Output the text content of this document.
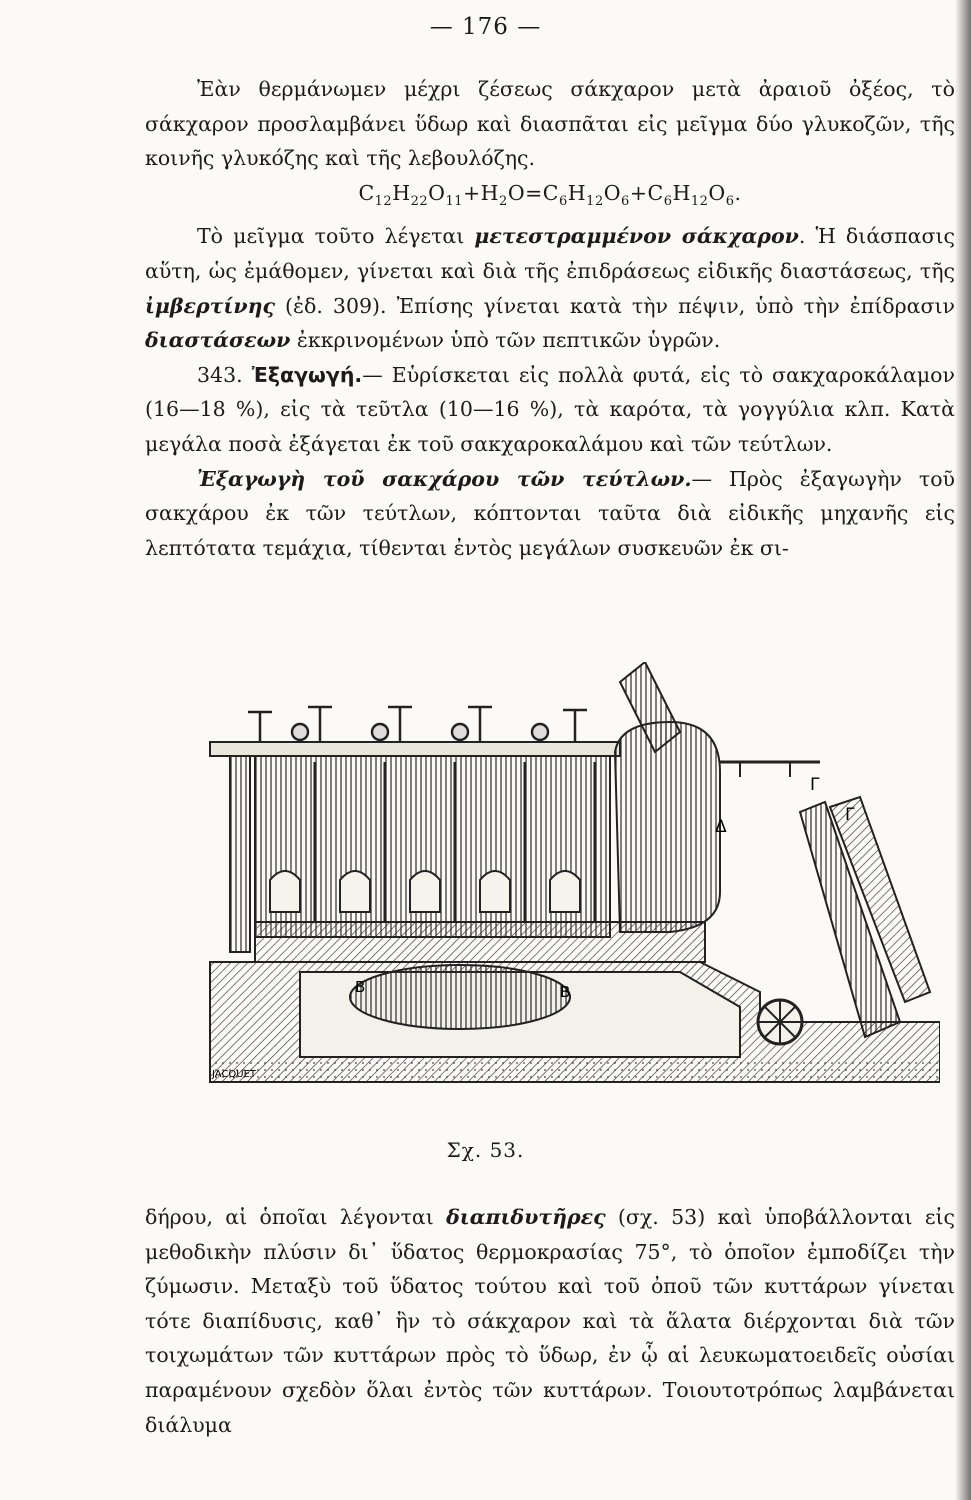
— 176 —

Ἐὰν θερμάνωμεν μέχρι ζέσεως σάκχαρον μετὰ ἀραιοῦ ὀξέος, τὸ σάκχαρον προσλαμβάνει ὕδωρ καὶ διασπᾶται εἰς μεῖγμα δύο γλυκοζῶν, τῆς κοινῆς γλυκόζης καὶ τῆς λεβουλόζης.

$C_{12}H_{22}O_{11}+H_2O=C_6H_{12}O_6+C_6H_{12}O_6$.

Τὸ μεῖγμα τοῦτο λέγεται μετεστραμμένον σάκχαρον. Ἡ διάσπασις αὕτη, ὡς ἐμάθομεν, γίνεται καὶ διὰ τῆς ἐπιδράσεως εἰδικῆς διαστάσεως, τῆς ἰμβερτίνης (ἐδ. 309). Ἐπίσης γίνεται κατὰ τὴν πέψιν, ὑπὸ τὴν ἐπίδρασιν διαστάσεων ἐκκρινομένων ὑπὸ τῶν πεπτικῶν ὑγρῶν.

343. Ἐξαγωγή.— Εὑρίσκεται εἰς πολλὰ φυτά, εἰς τὸ σακχαροκάλαμον (16—18 %), εἰς τὰ τεῦτλα (10—16 %), τὰ καρότα, τὰ γογγύλια κλπ. Κατὰ μεγάλα ποσὰ ἐξάγεται ἐκ τοῦ σακχαροκαλάμου καὶ τῶν τεύτλων.

Ἐξαγωγὴ τοῦ σακχάρου τῶν τεύτλων.— Πρὸς ἐξαγωγὴν τοῦ σακχάρου ἐκ τῶν τεύτλων, κόπτονται ταῦτα διὰ εἰδικῆς μηχανῆς εἰς λεπτότατα τεμάχια, τίθενται ἐντὸς μεγάλων συσκευῶν ἐκ σι-

Δ
Γ
Γ
Β	Β
JACQUET
Σχ. 53.

δήρου, αἱ ὁποῖαι λέγονται διαπιδυτῆρες (σχ. 53) καὶ ὑποβάλλονται εἰς μεθοδικὴν πλύσιν δι᾽ ὕδατος θερμοκρασίας 75°, τὸ ὁποῖον ἐμποδίζει τὴν ζύμωσιν. Μεταξὺ τοῦ ὕδατος τούτου καὶ τοῦ ὀποῦ τῶν κυττάρων γίνεται τότε διαπίδυσις, καθ᾽ ἣν τὸ σάκχαρον καὶ τὰ ἅλατα διέρχονται διὰ τῶν τοιχωμάτων τῶν κυττάρων πρὸς τὸ ὕδωρ, ἐν ᾧ αἱ λευκωματοειδεῖς οὐσίαι παραμένουν σχεδὸν ὅλαι ἐντὸς τῶν κυττάρων. Τοιουτοτρόπως λαμβάνεται διάλυμα
